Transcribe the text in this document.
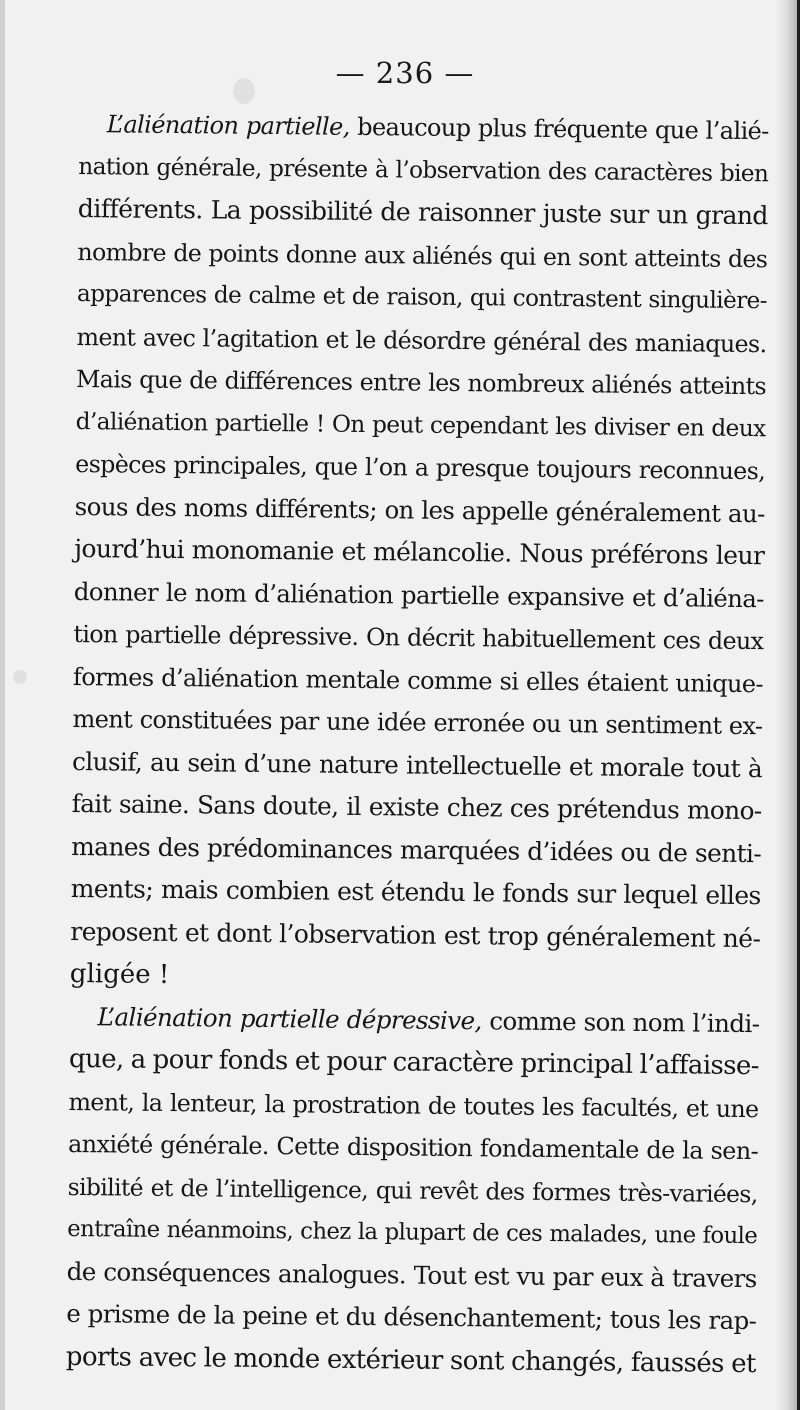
— 236 —
L’aliénation partielle, beaucoup plus fréquente que l’alié-
nation générale, présente à l’observation des caractères bien
différents. La possibilité de raisonner juste sur un grand
nombre de points donne aux aliénés qui en sont atteints des
apparences de calme et de raison, qui contrastent singulière-
ment avec l’agitation et le désordre général des maniaques.
Mais que de différences entre les nombreux aliénés atteints
d’aliénation partielle ! On peut cependant les diviser en deux
espèces principales, que l’on a presque toujours reconnues,
sous des noms différents; on les appelle généralement au-
jourd’hui monomanie et mélancolie. Nous préférons leur
donner le nom d’aliénation partielle expansive et d’aliéna-
tion partielle dépressive. On décrit habituellement ces deux
formes d’aliénation mentale comme si elles étaient unique-
ment constituées par une idée erronée ou un sentiment ex-
clusif, au sein d’une nature intellectuelle et morale tout à
fait saine. Sans doute, il existe chez ces prétendus mono-
manes des prédominances marquées d’idées ou de senti-
ments; mais combien est étendu le fonds sur lequel elles
reposent et dont l’observation est trop généralement né-
gligée !
L’aliénation partielle dépressive, comme son nom l’indi-
que, a pour fonds et pour caractère principal l’affaisse-
ment, la lenteur, la prostration de toutes les facultés, et une
anxiété générale. Cette disposition fondamentale de la sen-
sibilité et de l’intelligence, qui revêt des formes très-variées,
entraîne néanmoins, chez la plupart de ces malades, une foule
de conséquences analogues. Tout est vu par eux à travers
e prisme de la peine et du désenchantement; tous les rap-
ports avec le monde extérieur sont changés, faussés et
